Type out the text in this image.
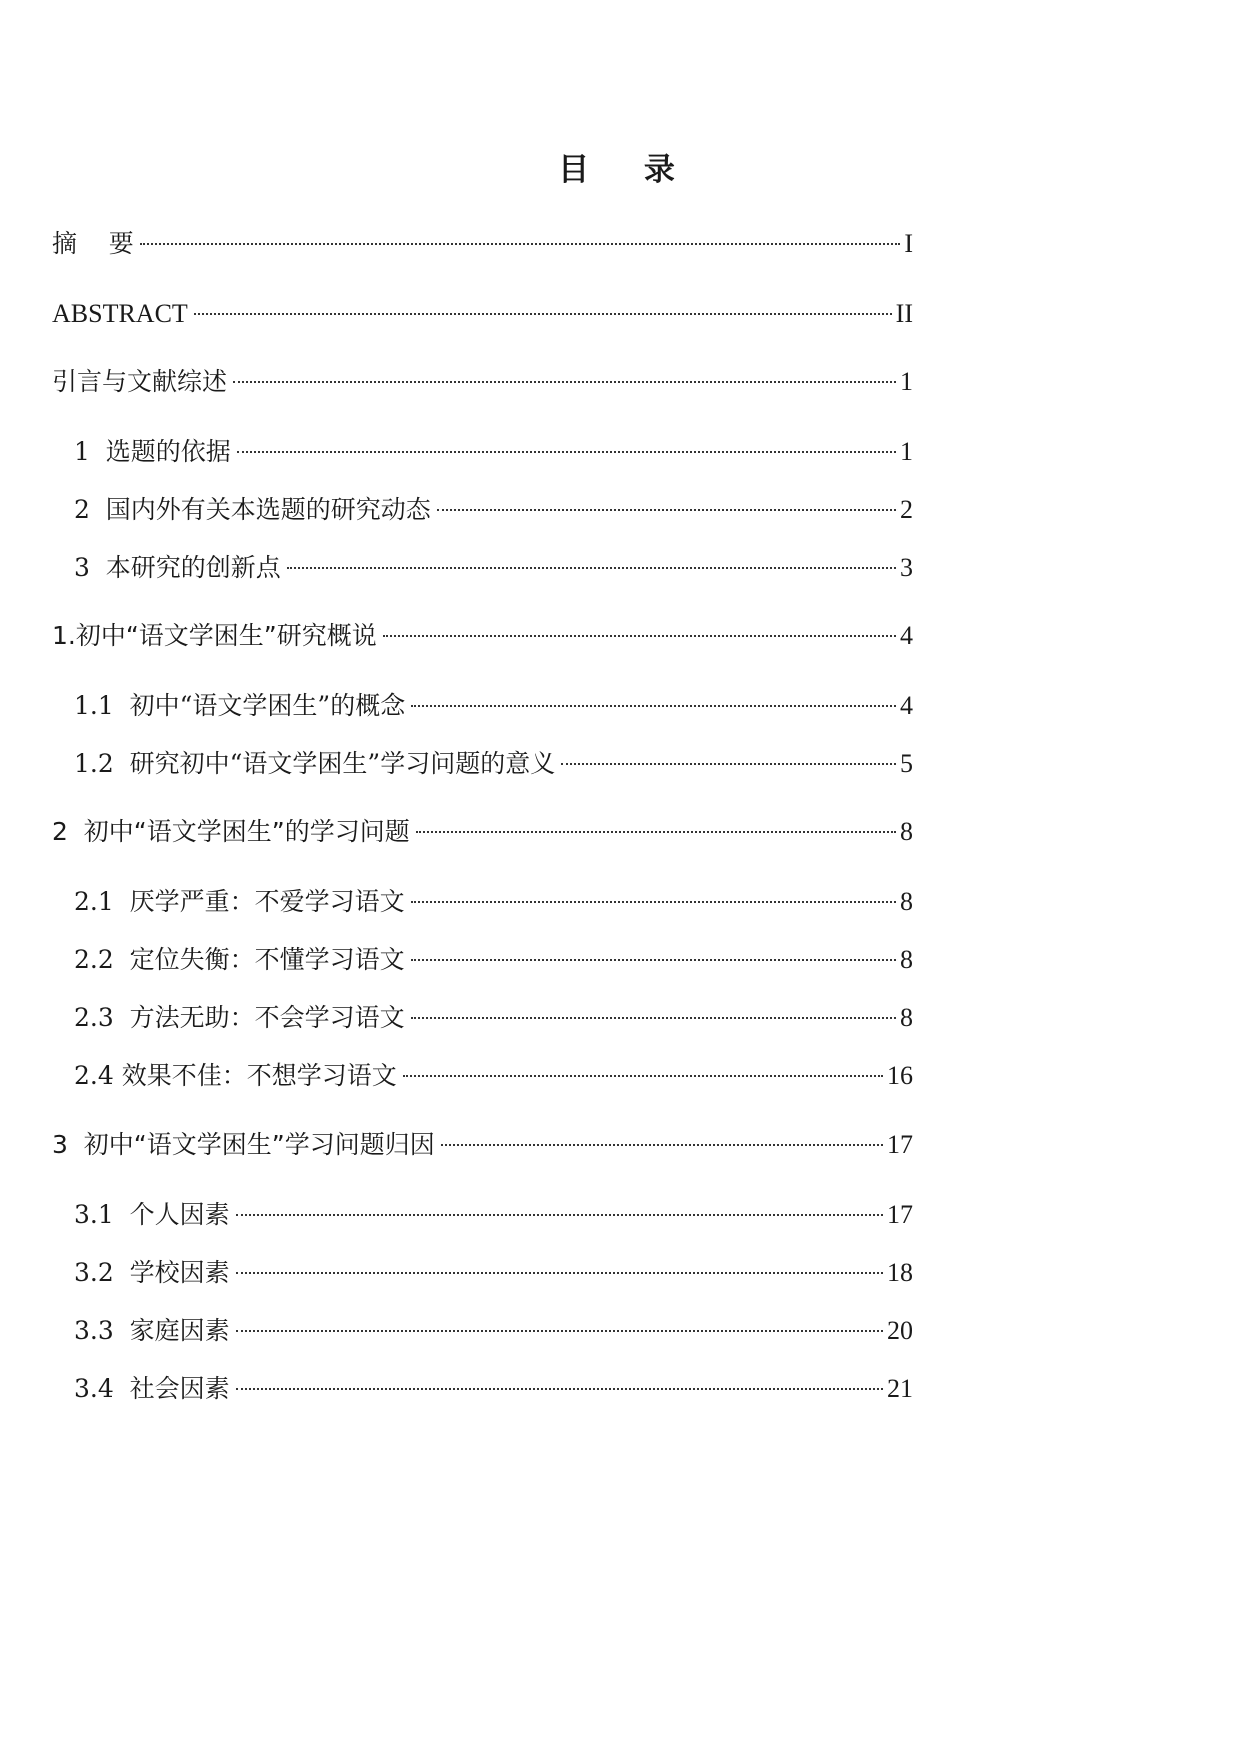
目 录
摘    要	I
ABSTRACT	II
引言与文献综述	1
1  选题的依据	1
2  国内外有关本选题的研究动态	2
3  本研究的创新点	3
1.初中“语文学困生”研究概说	4
1.1  初中“语文学困生”的概念	4
1.2  研究初中“语文学困生”学习问题的意义	5
2  初中“语文学困生”的学习问题	8
2.1  厌学严重：不爱学习语文	8
2.2  定位失衡：不懂学习语文	8
2.3  方法无助：不会学习语文	8
2.4 效果不佳：不想学习语文	16
3  初中“语文学困生”学习问题归因	17
3.1  个人因素	17
3.2  学校因素	18
3.3  家庭因素	20
3.4  社会因素	21
